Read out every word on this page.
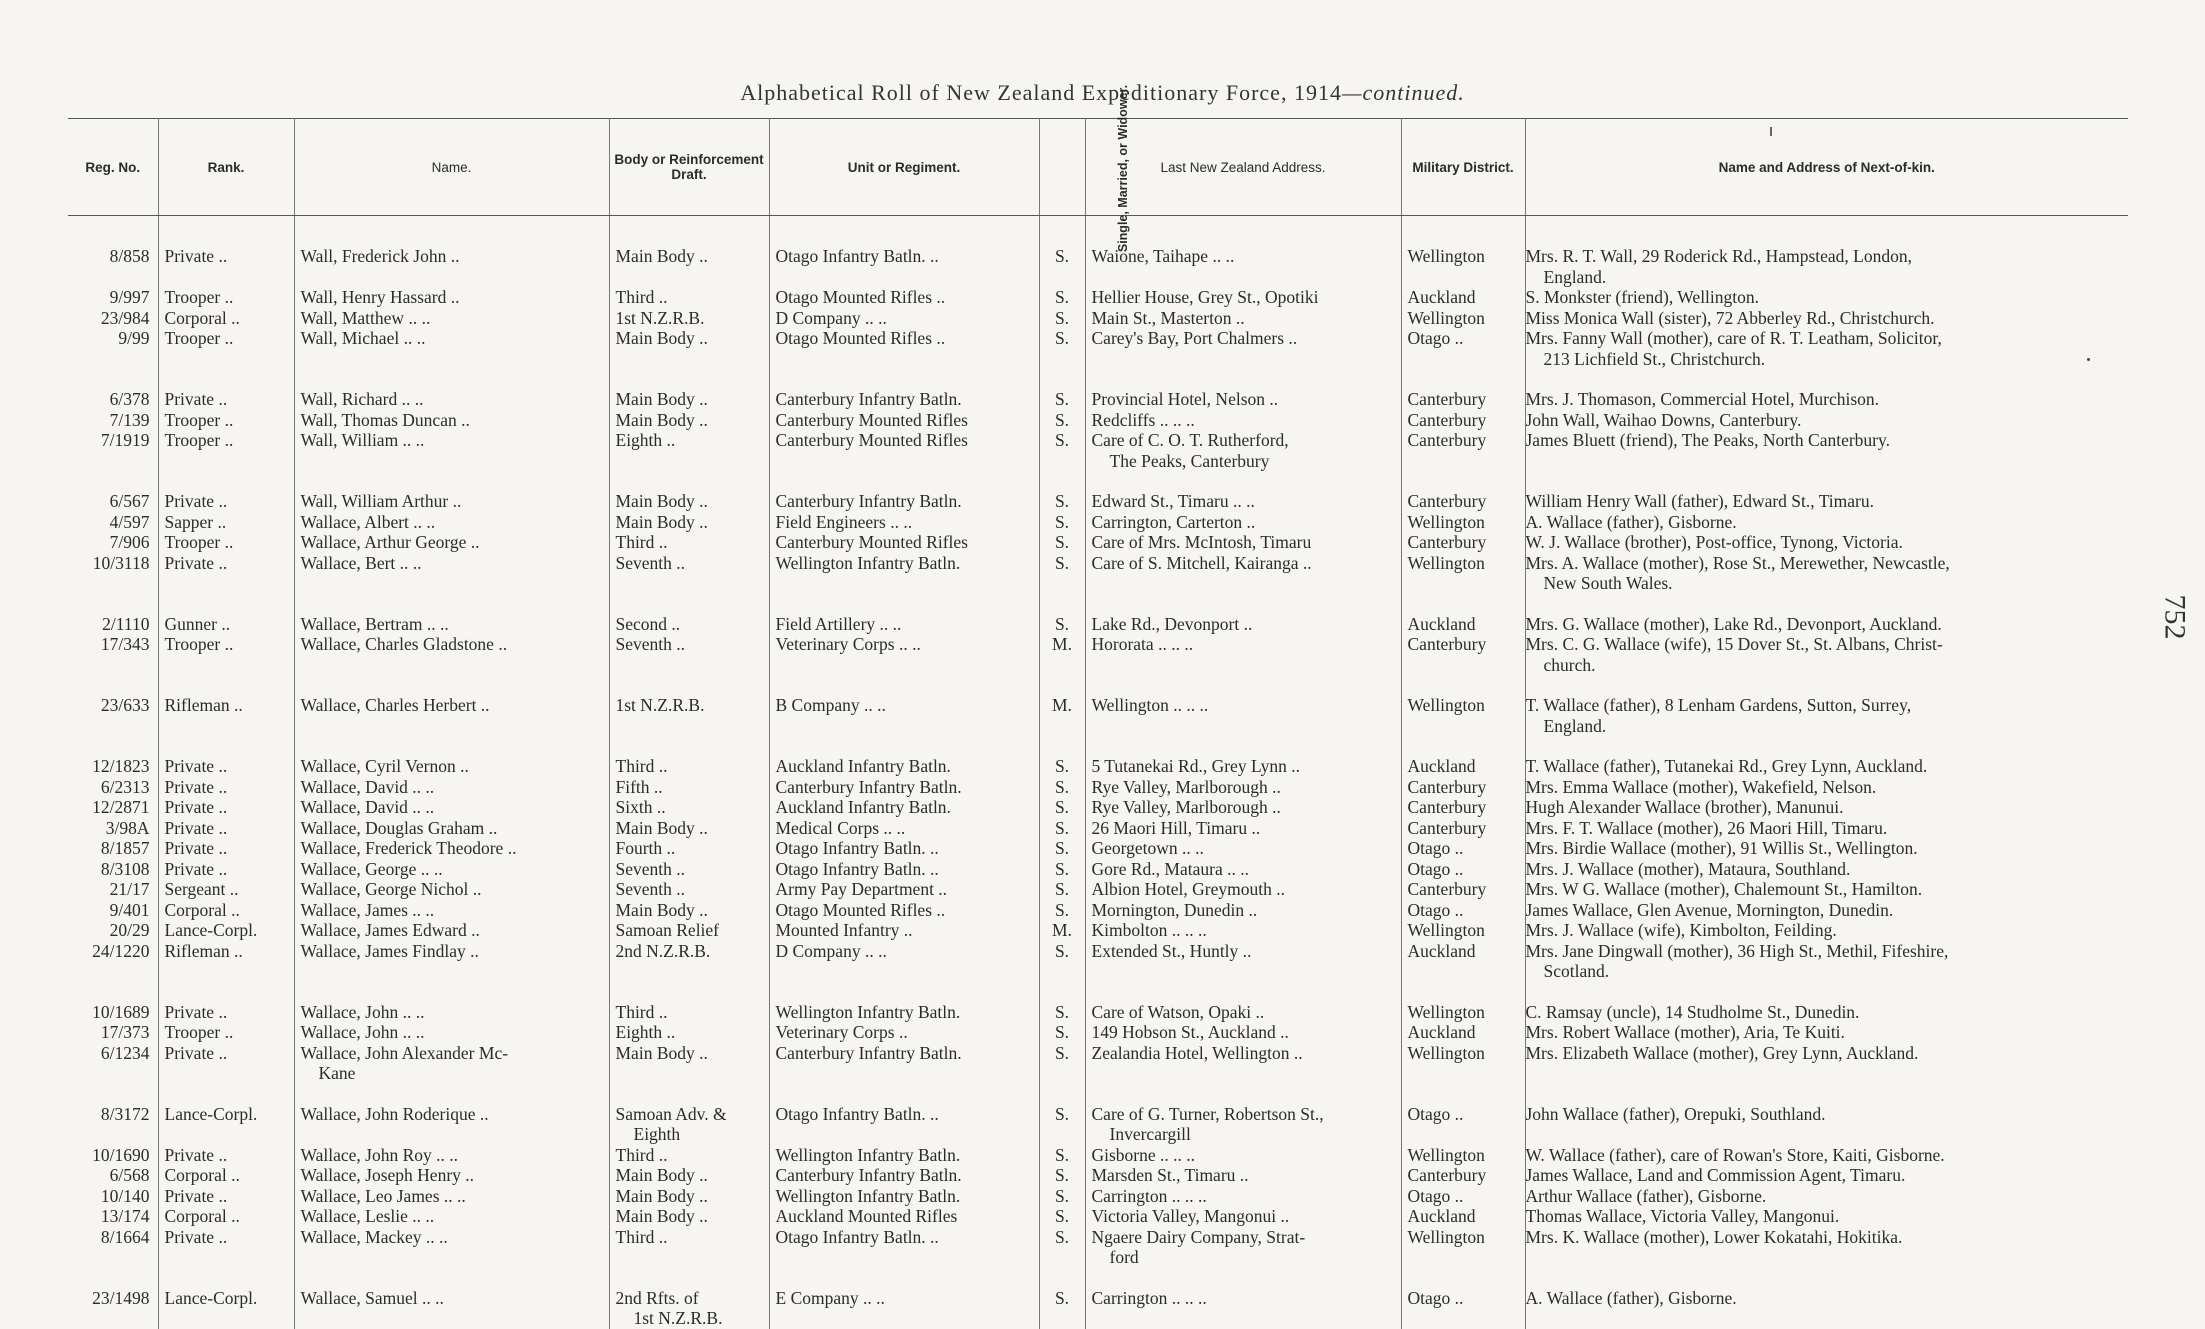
Alphabetical Roll of New Zealand Expeditionary Force, 1914—continued.
Reg. No.	Rank.	Name.	Body or Reinforcement Draft.	Unit or Regiment.	Single, Married, or Widower.	Last New Zealand Address.	Military District.	Name and Address of Next-of-kin.

8/858	Private ..	Wall, Frederick John ..	Main Body ..	Otago Infantry Batln. ..	S.	Waione, Taihape .. ..	Wellington	Mrs. R. T. Wall, 29 Roderick Rd., Hampstead, London,
England.

9/997	Trooper ..	Wall, Henry Hassard ..	Third ..	Otago Mounted Rifles ..	S.	Hellier House, Grey St., Opotiki	Auckland	S. Monkster (friend), Wellington.

23/984	Corporal ..	Wall, Matthew .. ..	1st N.Z.R.B.	D Company .. ..	S.	Main St., Masterton ..	Wellington	Miss Monica Wall (sister), 72 Abberley Rd., Christchurch.

9/99	Trooper ..	Wall, Michael .. ..	Main Body ..	Otago Mounted Rifles ..	S.	Carey's Bay, Port Chalmers ..	Otago ..	Mrs. Fanny Wall (mother), care of R. T. Leatham, Solicitor,
213 Lichfield St., Christchurch.

6/378	Private ..	Wall, Richard .. ..	Main Body ..	Canterbury Infantry Batln.	S.	Provincial Hotel, Nelson ..	Canterbury	Mrs. J. Thomason, Commercial Hotel, Murchison.

7/139	Trooper ..	Wall, Thomas Duncan ..	Main Body ..	Canterbury Mounted Rifles	S.	Redcliffs .. .. ..	Canterbury	John Wall, Waihao Downs, Canterbury.

7/1919	Trooper ..	Wall, William .. ..	Eighth ..	Canterbury Mounted Rifles	S.	Care of C. O. T. Rutherford,
The Peaks, Canterbury	Canterbury	James Bluett (friend), The Peaks, North Canterbury.

6/567	Private ..	Wall, William Arthur ..	Main Body ..	Canterbury Infantry Batln.	S.	Edward St., Timaru .. ..	Canterbury	William Henry Wall (father), Edward St., Timaru.

4/597	Sapper ..	Wallace, Albert .. ..	Main Body ..	Field Engineers .. ..	S.	Carrington, Carterton ..	Wellington	A. Wallace (father), Gisborne.

7/906	Trooper ..	Wallace, Arthur George ..	Third ..	Canterbury Mounted Rifles	S.	Care of Mrs. McIntosh, Timaru	Canterbury	W. J. Wallace (brother), Post-office, Tynong, Victoria.

10/3118	Private ..	Wallace, Bert .. ..	Seventh ..	Wellington Infantry Batln.	S.	Care of S. Mitchell, Kairanga ..	Wellington	Mrs. A. Wallace (mother), Rose St., Merewether, Newcastle,
New South Wales.

2/1110	Gunner ..	Wallace, Bertram .. ..	Second ..	Field Artillery .. ..	S.	Lake Rd., Devonport ..	Auckland	Mrs. G. Wallace (mother), Lake Rd., Devonport, Auckland.

17/343	Trooper ..	Wallace, Charles Gladstone ..	Seventh ..	Veterinary Corps .. ..	M.	Hororata .. .. ..	Canterbury	Mrs. C. G. Wallace (wife), 15 Dover St., St. Albans, Christ-
church.

23/633	Rifleman ..	Wallace, Charles Herbert ..	1st N.Z.R.B.	B Company .. ..	M.	Wellington .. .. ..	Wellington	T. Wallace (father), 8 Lenham Gardens, Sutton, Surrey,
England.

12/1823	Private ..	Wallace, Cyril Vernon ..	Third ..	Auckland Infantry Batln.	S.	5 Tutanekai Rd., Grey Lynn ..	Auckland	T. Wallace (father), Tutanekai Rd., Grey Lynn, Auckland.

6/2313	Private ..	Wallace, David .. ..	Fifth ..	Canterbury Infantry Batln.	S.	Rye Valley, Marlborough ..	Canterbury	Mrs. Emma Wallace (mother), Wakefield, Nelson.

12/2871	Private ..	Wallace, David .. ..	Sixth ..	Auckland Infantry Batln.	S.	Rye Valley, Marlborough ..	Canterbury	Hugh Alexander Wallace (brother), Manunui.

3/98A	Private ..	Wallace, Douglas Graham ..	Main Body ..	Medical Corps .. ..	S.	26 Maori Hill, Timaru ..	Canterbury	Mrs. F. T. Wallace (mother), 26 Maori Hill, Timaru.

8/1857	Private ..	Wallace, Frederick Theodore ..	Fourth ..	Otago Infantry Batln. ..	S.	Georgetown .. ..	Otago ..	Mrs. Birdie Wallace (mother), 91 Willis St., Wellington.

8/3108	Private ..	Wallace, George .. ..	Seventh ..	Otago Infantry Batln. ..	S.	Gore Rd., Mataura .. ..	Otago ..	Mrs. J. Wallace (mother), Mataura, Southland.

21/17	Sergeant ..	Wallace, George Nichol ..	Seventh ..	Army Pay Department ..	S.	Albion Hotel, Greymouth ..	Canterbury	Mrs. W G. Wallace (mother), Chalemount St., Hamilton.

9/401	Corporal ..	Wallace, James .. ..	Main Body ..	Otago Mounted Rifles ..	S.	Mornington, Dunedin ..	Otago ..	James Wallace, Glen Avenue, Mornington, Dunedin.

20/29	Lance-Corpl.	Wallace, James Edward ..	Samoan Relief	Mounted Infantry ..	M.	Kimbolton .. .. ..	Wellington	Mrs. J. Wallace (wife), Kimbolton, Feilding.

24/1220	Rifleman ..	Wallace, James Findlay ..	2nd N.Z.R.B.	D Company .. ..	S.	Extended St., Huntly ..	Auckland	Mrs. Jane Dingwall (mother), 36 High St., Methil, Fifeshire,
Scotland.

10/1689	Private ..	Wallace, John .. ..	Third ..	Wellington Infantry Batln.	S.	Care of Watson, Opaki ..	Wellington	C. Ramsay (uncle), 14 Studholme St., Dunedin.

17/373	Trooper ..	Wallace, John .. ..	Eighth ..	Veterinary Corps ..	S.	149 Hobson St., Auckland ..	Auckland	Mrs. Robert Wallace (mother), Aria, Te Kuiti.

6/1234	Private ..	Wallace, John Alexander Mc-
Kane	Main Body ..	Canterbury Infantry Batln.	S.	Zealandia Hotel, Wellington ..	Wellington	Mrs. Elizabeth Wallace (mother), Grey Lynn, Auckland.

8/3172	Lance-Corpl.	Wallace, John Roderique ..	Samoan Adv. &
Eighth	Otago Infantry Batln. ..	S.	Care of G. Turner, Robertson St.,
Invercargill	Otago ..	John Wallace (father), Orepuki, Southland.

10/1690	Private ..	Wallace, John Roy .. ..	Third ..	Wellington Infantry Batln.	S.	Gisborne .. .. ..	Wellington	W. Wallace (father), care of Rowan's Store, Kaiti, Gisborne.

6/568	Corporal ..	Wallace, Joseph Henry ..	Main Body ..	Canterbury Infantry Batln.	S.	Marsden St., Timaru ..	Canterbury	James Wallace, Land and Commission Agent, Timaru.

10/140	Private ..	Wallace, Leo James .. ..	Main Body ..	Wellington Infantry Batln.	S.	Carrington .. .. ..	Otago ..	Arthur Wallace (father), Gisborne.

13/174	Corporal ..	Wallace, Leslie .. ..	Main Body ..	Auckland Mounted Rifles	S.	Victoria Valley, Mangonui ..	Auckland	Thomas Wallace, Victoria Valley, Mangonui.

8/1664	Private ..	Wallace, Mackey .. ..	Third ..	Otago Infantry Batln. ..	S.	Ngaere Dairy Company, Strat-
ford	Wellington	Mrs. K. Wallace (mother), Lower Kokatahi, Hokitika.

23/1498	Lance-Corpl.	Wallace, Samuel .. ..	2nd Rfts. of
1st N.Z.R.B.	E Company .. ..	S.	Carrington .. .. ..	Otago ..	A. Wallace (father), Gisborne.
752
